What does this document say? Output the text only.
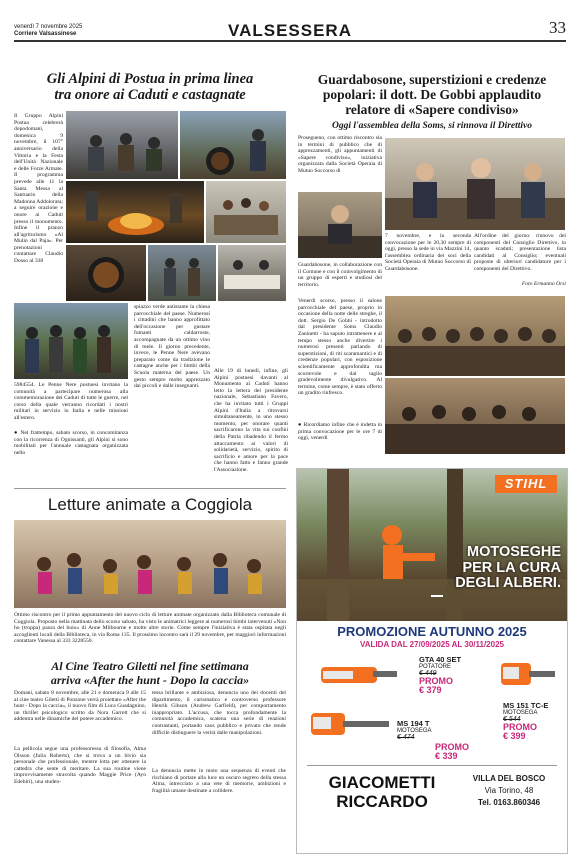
venerdì 7 novembre 2025
Corriere Valsassinese	VALSESSERA	33
Gli Alpini di Postua in prima linea
tra onore ai Caduti e castagnate
Il Gruppo Alpini Postua celebrerà dopodomani, domenica 9 novembre, il 107° anniversario della Vittoria e la Festa dell'Unità Nazionale e delle Forze Armate. Il programma prevede alle 11 la Santa Messa al Santuario della Madonna Addolorata; a seguire orazione e onore ai Caduti presso il monumento. Infine il pranzo all'agriturismo «Al Mulin dal Paja». Per prenotazioni contattare Claudio Dosso al 338
5984554. Le Penne Nere postuesi invitano la comunità a partecipare numerosa alla commemorazione dei Caduti di tutte le guerre, nel corso della quale verranno ricordati i nostri militari in servizio in Italia e nelle missioni all'estero.
● Nel frattempo, sabato scorso, in concomitanza con la ricorrenza di Ognissanti, gli Alpini si sono mobilitati per l'annuale castagnata organizzata nello
spiazzo verde antistante la chiesa parrocchiale del paese. Numerosi i cittadini che hanno approfittato dell'occasione per gustare fumanti caldarroste, accompagnate da un ottimo vino di mele. Il giorno precedente, invece, le Penne Nere avevano preparato come da tradizione le castagne anche per i bimbi della Scuola materna del paese. Un gesto sempre molto apprezzato dai piccoli e dalle insegnanti.
Alle 19 di lunedì, infine, gli Alpini postuesi davanti al Monumento ai Caduti hanno letto la lettera del presidente nazionale, Sebastiano Favero, che ha invitato tutti i Gruppi Alpini d'Italia a ritrovarsi simultaneamente, in uno stesso momento, per onorare quanti sacrificarono la vita sui confini della Patria ribadendo il fermo attaccamento ai valori di solidarietà, servizio, spirito di sacrificio e amore per la pace che hanno fatto e fanno grande l'Associazione.
Guardabosone, superstizioni e credenze
popolari: il dott. De Gobbi applaudito
relatore di «Sapere condiviso»
Oggi l'assemblea della Soms, si rinnova il Direttivo
Prosegueno, con ottimo riscontro sia in termini di pubblico che di apprezzamenti, gli appuntamenti di «Sapere condiviso», iniziativa organizzata dalla Società Operaia di Mutuo Soccorso di
Guardabosone, in collaborazione con il Comune e con il coinvolgimento di un gruppo di esperti e studiosi del territorio.
Venerdì scorso, presso il salone parrocchiale del paese, proprio in occasione della notte delle streghe, il dott. Sergio De Gobbi - introdotto dal presidente Soms Claudio Zaninetti - ha saputo intrattenere e al tempo stesso anche divertire i numerosi presenti parlando di superstizioni, di riti scaramantici e di credenze popolari, con esposizione scientificamente approfondita ma scorrevole e dal taglio gradevolmente divulgativo. Al termine, come sempre, è stato offerto un gradito rinfresco.
● Ricordiamo infine che è indetta in prima convocazione per le ore 7 di oggi, venerdì
7 novembre, e in seconda convocazione per le 20,30 sempre di oggi, presso la sede in via Mazzini 14, l'assemblea ordinaria dei soci della Società Operaia di Mutuo Soccorso di Guardabosone.
All'ordine del giorno: rinnovo dei componenti del Consiglio Direttivo, in quanto scaduti; presentazione lista candidati al Consiglio; eventuali proposte di ulteriori candidature per i componenti del Direttivo.
Foto Ermanno Orsi
Letture animate a Coggiola
Ottimo riscontro per il primo appuntamento del nuovo ciclo di letture animate organizzato dalla Biblioteca comunale di Coggiola. Proposto nella mattinata dello scorso sabato, ha visto le animatrici leggere ai numerosi bimbi intervenuti «Non ho (troppa) paura del buio» di Anne Milbourne e molte altre storie. Come sempre l'iniziativa è stata ospitata negli accoglienti locali della Biblioteca, in via Roma 135. Il prossimo incontro sarà il 29 novembre, per maggiori informazioni contattare Vanessa al 333 3228550.
Al Cine Teatro Giletti nel fine settimana
arriva «After the hunt - Dopo la caccia»
Domani, sabato 8 novembre, alle 21 e domenica 9 alle 15 al cine teatro Giletti di Ponzone verrà proiettato «After the hunt - Dopo la caccia», il nuovo film di Luca Guadagnino, un thriller psicologico scritto da Nora Garrett che si addentra nelle dinamiche del potere accademico.
La pellicola segue una professoressa di filosofia, Alma Olsson (Julia Roberts), che si trova a un bivio sia personale che professionale, mentre lotta per ottenere la cattedra che sente di meritare. La sua routine viene improvvisamente stravolta quando Maggie Price (Ayo Edebiri), una studen-
tessa brillante e ambiziosa, denuncia uno dei docenti del dipartimento, il carismatico e controverso professore Henrik Gibson (Andrew Garfield), per comportamento inappropriato. L'accusa, che tocca profondamente la comunità accademica, scatena una serie di reazioni contrastanti, portando caos pubblico e privato che rende difficile distinguere la verità dalle manipolazioni.
La denuncia mette in moto una sequenza di eventi che rischiano di portare alla luce un oscuro segreto della stessa Alma, intrecciato a una rete di memorie, ambizioni e fragilità umane destinate a collidere.
STIHL
MOTOSEGHE
PER LA CURA
DEGLI ALBERI.
PROMOZIONE AUTUNNO 2025
VALIDA DAL 27/09/2025 AL 30/11/2025
GTA 40 SET
POTATORE
€ 449
PROMO
€ 379
MS 194 T
MOTOSEGA
€ 474
PROMO
€ 339
MS 151 TC-E
MOTOSEGA
€ 544
PROMO
€ 399
GIACOMETTI
RICCARDO
VILLA DEL BOSCO
Via Torino, 48
Tel. 0163.860346
